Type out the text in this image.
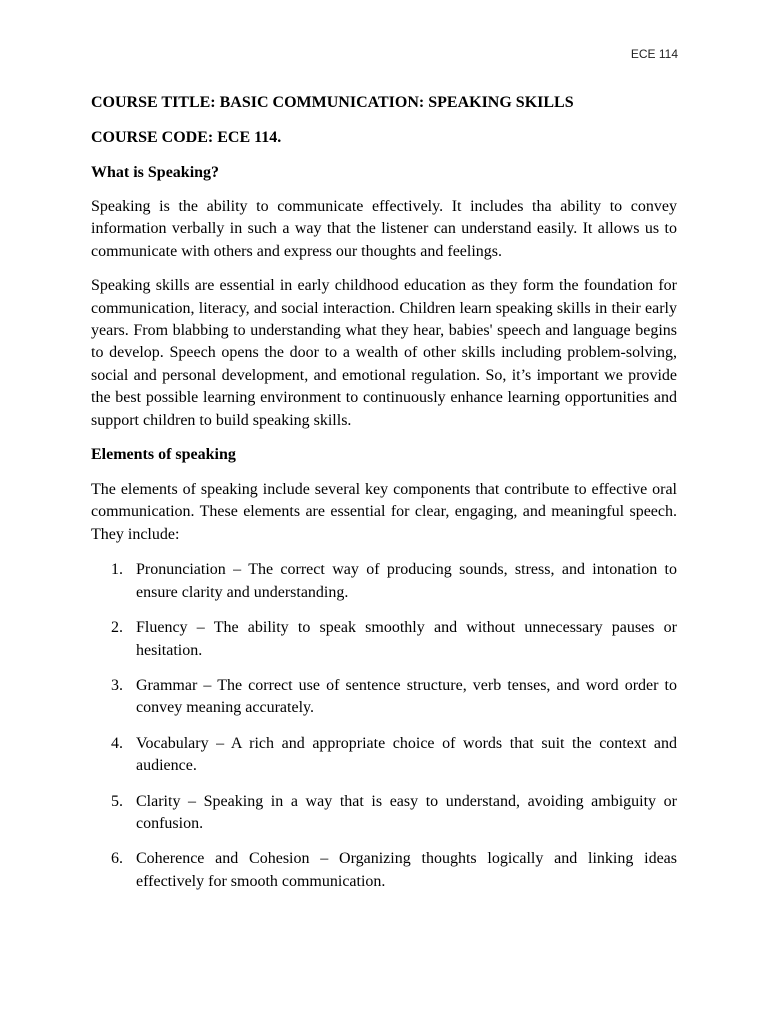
ECE 114

COURSE TITLE: BASIC COMMUNICATION: SPEAKING SKILLS

COURSE CODE: ECE 114.

What is Speaking?

Speaking is the ability to communicate effectively. It includes tha ability to convey information verbally in such a way that the listener can understand easily. It allows us to communicate with others and express our thoughts and feelings.

Speaking skills are essential in early childhood education as they form the foundation for communication, literacy, and social interaction. Children learn speaking skills in their early years. From blabbing to understanding what they hear, babies' speech and language begins to develop. Speech opens the door to a wealth of other skills including problem-solving, social and personal development, and emotional regulation. So, it’s important we provide the best possible learning environment to continuously enhance learning opportunities and support children to build speaking skills.

Elements of speaking

The elements of speaking include several key components that contribute to effective oral communication. These elements are essential for clear, engaging, and meaningful speech. They include:

1. Pronunciation – The correct way of producing sounds, stress, and intonation to ensure clarity and understanding.
2. Fluency – The ability to speak smoothly and without unnecessary pauses or hesitation.
3. Grammar – The correct use of sentence structure, verb tenses, and word order to convey meaning accurately.
4. Vocabulary – A rich and appropriate choice of words that suit the context and audience.
5. Clarity – Speaking in a way that is easy to understand, avoiding ambiguity or confusion.
6. Coherence and Cohesion – Organizing thoughts logically and linking ideas effectively for smooth communication.
